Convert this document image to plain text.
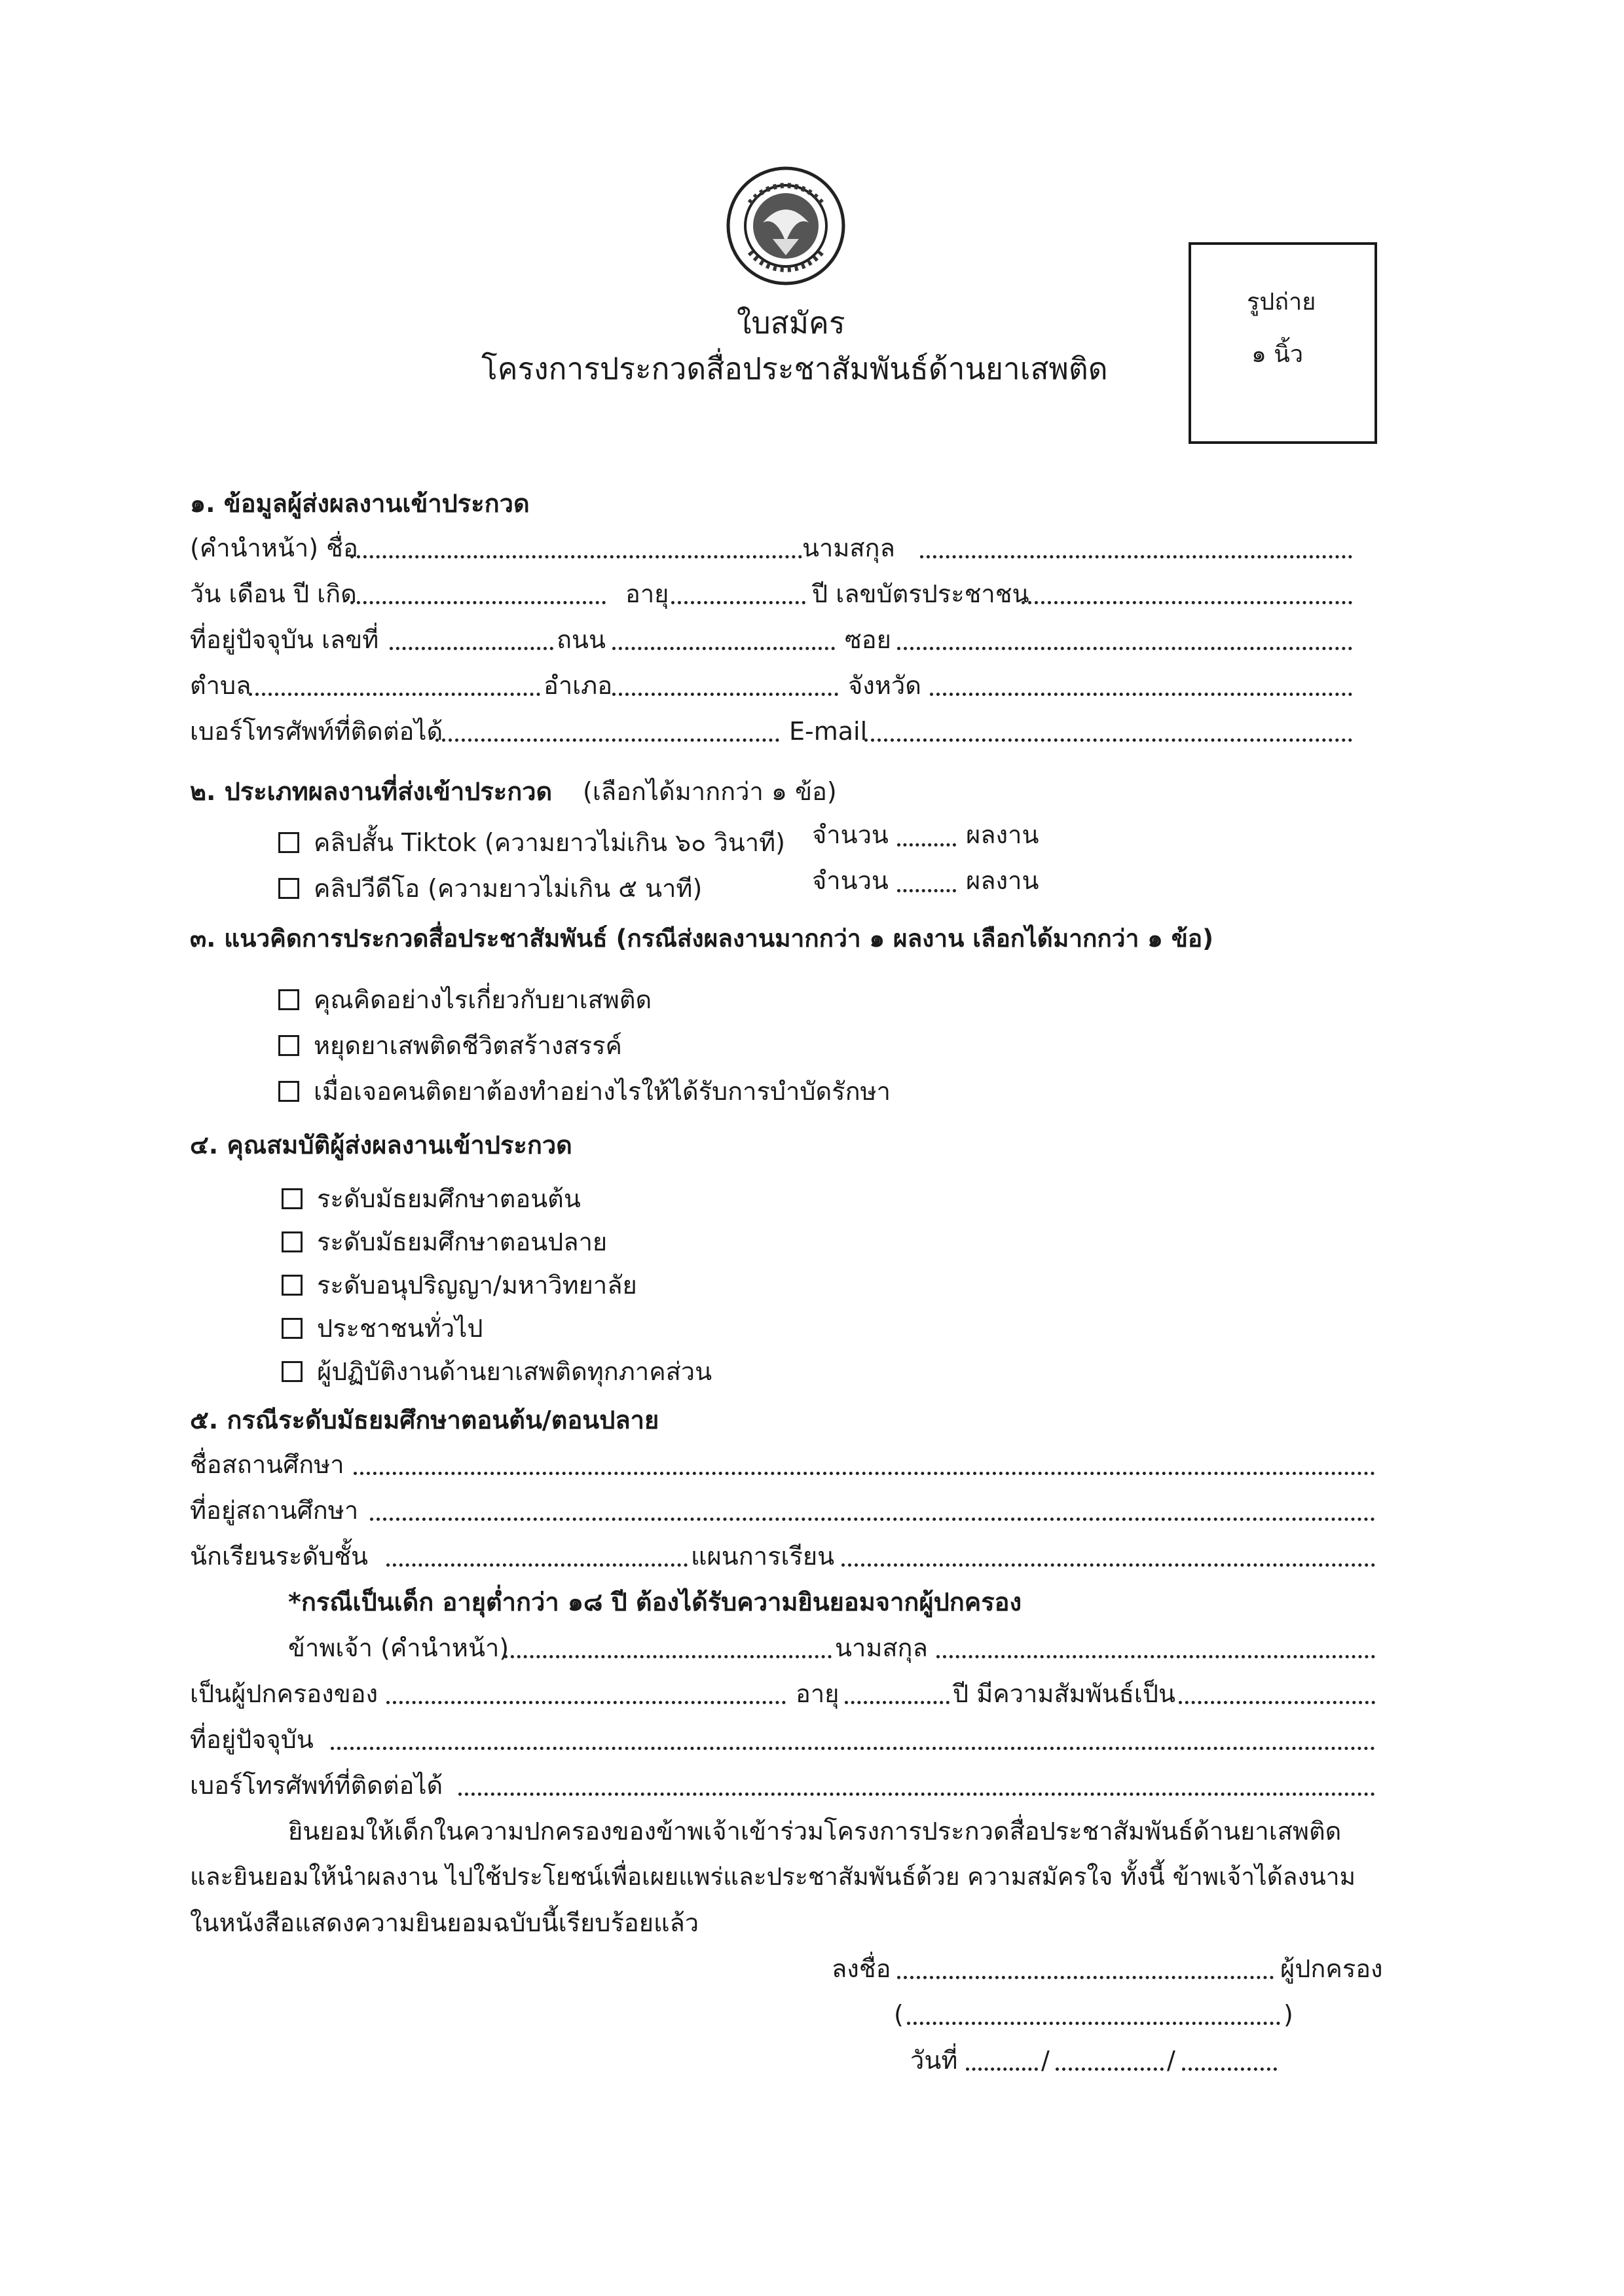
ใบสมัคร
โครงการประกวดสื่อประชาสัมพันธ์ด้านยาเสพติด
รูปถ่าย
๑ นิ้ว
๑. ข้อมูลผู้ส่งผลงานเข้าประกวด
(คำนำหน้า) ชื่อ	นามสกุล
วัน เดือน ปี เกิด	อายุ	ปี เลขบัตรประชาชน
ที่อยู่ปัจจุบัน เลขที่	ถนน	ซอย
ตำบล	อำเภอ	จังหวัด
เบอร์โทรศัพท์ที่ติดต่อได้	E-mail
๒. ประเภทผลงานที่ส่งเข้าประกวด (เลือกได้มากกว่า ๑ ข้อ)
คลิปสั้น Tiktok (ความยาวไม่เกิน ๖๐ วินาที) จำนวน	ผลงาน
คลิปวีดีโอ (ความยาวไม่เกิน ๕ นาที)	จำนวน	ผลงาน
๓. แนวคิดการประกวดสื่อประชาสัมพันธ์ (กรณีส่งผลงานมากกว่า ๑ ผลงาน เลือกได้มากกว่า ๑ ข้อ)
คุณคิดอย่างไรเกี่ยวกับยาเสพติด
หยุดยาเสพติดชีวิตสร้างสรรค์
เมื่อเจอคนติดยาต้องทำอย่างไรให้ได้รับการบำบัดรักษา
๔. คุณสมบัติผู้ส่งผลงานเข้าประกวด
ระดับมัธยมศึกษาตอนต้น
ระดับมัธยมศึกษาตอนปลาย
ระดับอนุปริญญา/มหาวิทยาลัย
ประชาชนทั่วไป
ผู้ปฏิบัติงานด้านยาเสพติดทุกภาคส่วน
๕. กรณีระดับมัธยมศึกษาตอนต้น/ตอนปลาย
ชื่อสถานศึกษา
ที่อยู่สถานศึกษา
นักเรียนระดับชั้น	แผนการเรียน
*กรณีเป็นเด็ก อายุต่ำกว่า ๑๘ ปี ต้องได้รับความยินยอมจากผู้ปกครอง
ข้าพเจ้า (คำนำหน้า)	นามสกุล
เป็นผู้ปกครองของ	อายุ	ปี มีความสัมพันธ์เป็น
ที่อยู่ปัจจุบัน
เบอร์โทรศัพท์ที่ติดต่อได้
ยินยอมให้เด็กในความปกครองของข้าพเจ้าเข้าร่วมโครงการประกวดสื่อประชาสัมพันธ์ด้านยาเสพติด
และยินยอมให้นำผลงาน ไปใช้ประโยชน์เพื่อเผยแพร่และประชาสัมพันธ์ด้วย ความสมัครใจ ทั้งนี้ ข้าพเจ้าได้ลงนาม
ในหนังสือแสดงความยินยอมฉบับนี้เรียบร้อยแล้ว
ลงชื่อ	ผู้ปกครอง
(	)
วันที่	/	/
